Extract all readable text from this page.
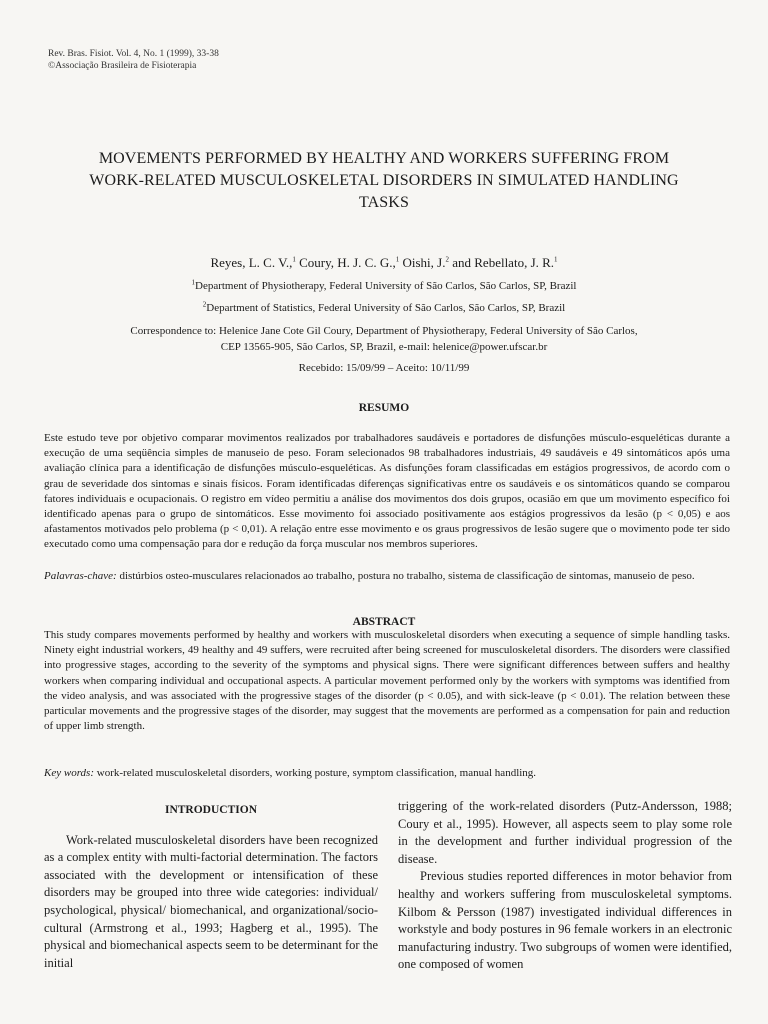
Rev. Bras. Fisiot. Vol. 4, No. 1 (1999), 33-38
©Associação Brasileira de Fisioterapia
MOVEMENTS PERFORMED BY HEALTHY AND WORKERS SUFFERING FROM WORK-RELATED MUSCULOSKELETAL DISORDERS IN SIMULATED HANDLING TASKS
Reyes, L. C. V.,$^1$ Coury, H. J. C. G.,$^1$ Oishi, J.$^2$ and Rebellato, J. R.$^1$
$^1$Department of Physiotherapy, Federal University of São Carlos, São Carlos, SP, Brazil
$^2$Department of Statistics, Federal University of São Carlos, São Carlos, SP, Brazil
Correspondence to: Helenice Jane Cote Gil Coury, Department of Physiotherapy, Federal University of São Carlos, CEP 13565-905, São Carlos, SP, Brazil, e-mail: helenice@power.ufscar.br
Recebido: 15/09/99 – Aceito: 10/11/99
RESUMO

Este estudo teve por objetivo comparar movimentos realizados por trabalhadores saudáveis e portadores de disfunções músculo-esqueléticas durante a execução de uma seqüência simples de manuseio de peso. Foram selecionados 98 trabalhadores industriais, 49 saudáveis e 49 sintomáticos após uma avaliação clínica para a identificação de disfunções músculo-esqueléticas. As disfunções foram classificadas em estágios progressivos, de acordo com o grau de severidade dos sintomas e sinais físicos. Foram identificadas diferenças significativas entre os saudáveis e os sintomáticos quando se comparou fatores individuais e ocupacionais. O registro em vídeo permitiu a análise dos movimentos dos dois grupos, ocasião em que um movimento específico foi identificado apenas para o grupo de sintomáticos. Esse movimento foi associado positivamente aos estágios progressivos da lesão (p < 0,05) e aos afastamentos motivados pelo problema (p < 0,01). A relação entre esse movimento e os graus progressivos de lesão sugere que o movimento pode ter sido executado como uma compensação para dor e redução da força muscular nos membros superiores.

Palavras-chave: distúrbios osteo-musculares relacionados ao trabalho, postura no trabalho, sistema de classificação de sintomas, manuseio de peso.

ABSTRACT

This study compares movements performed by healthy and workers with musculoskeletal disorders when executing a sequence of simple handling tasks. Ninety eight industrial workers, 49 healthy and 49 suffers, were recruited after being screened for musculoskeletal disorders. The disorders were classified into progressive stages, according to the severity of the symptoms and physical signs. There were significant differences between suffers and healthy workers when comparing individual and occupational aspects. A particular movement performed only by the workers with symptoms was identified from the video analysis, and was associated with the progressive stages of the disorder (p < 0.05), and with sick-leave (p < 0.01). The relation between these particular movements and the progressive stages of the disorder, may suggest that the movements are performed as a compensation for pain and reduction of upper limb strength.

Key words: work-related musculoskeletal disorders, working posture, symptom classification, manual handling.

INTRODUCTION

Work-related musculoskeletal disorders have been recognized as a complex entity with multi-factorial determination. The factors associated with the development or intensification of these disorders may be grouped into three wide categories: individual/ psychological, physical/ biomechanical, and organizational/socio-cultural (Armstrong et al., 1993; Hagberg et al., 1995). The physical and biomechanical aspects seem to be determinant for the initial

triggering of the work-related disorders (Putz-Andersson, 1988; Coury et al., 1995). However, all aspects seem to play some role in the development and further individual progression of the disease.

Previous studies reported differences in motor behavior from healthy and workers suffering from musculoskeletal symptoms. Kilbom & Persson (1987) investigated individual differences in workstyle and body postures in 96 female workers in an electronic manufacturing industry. Two subgroups of women were identified, one composed of women
